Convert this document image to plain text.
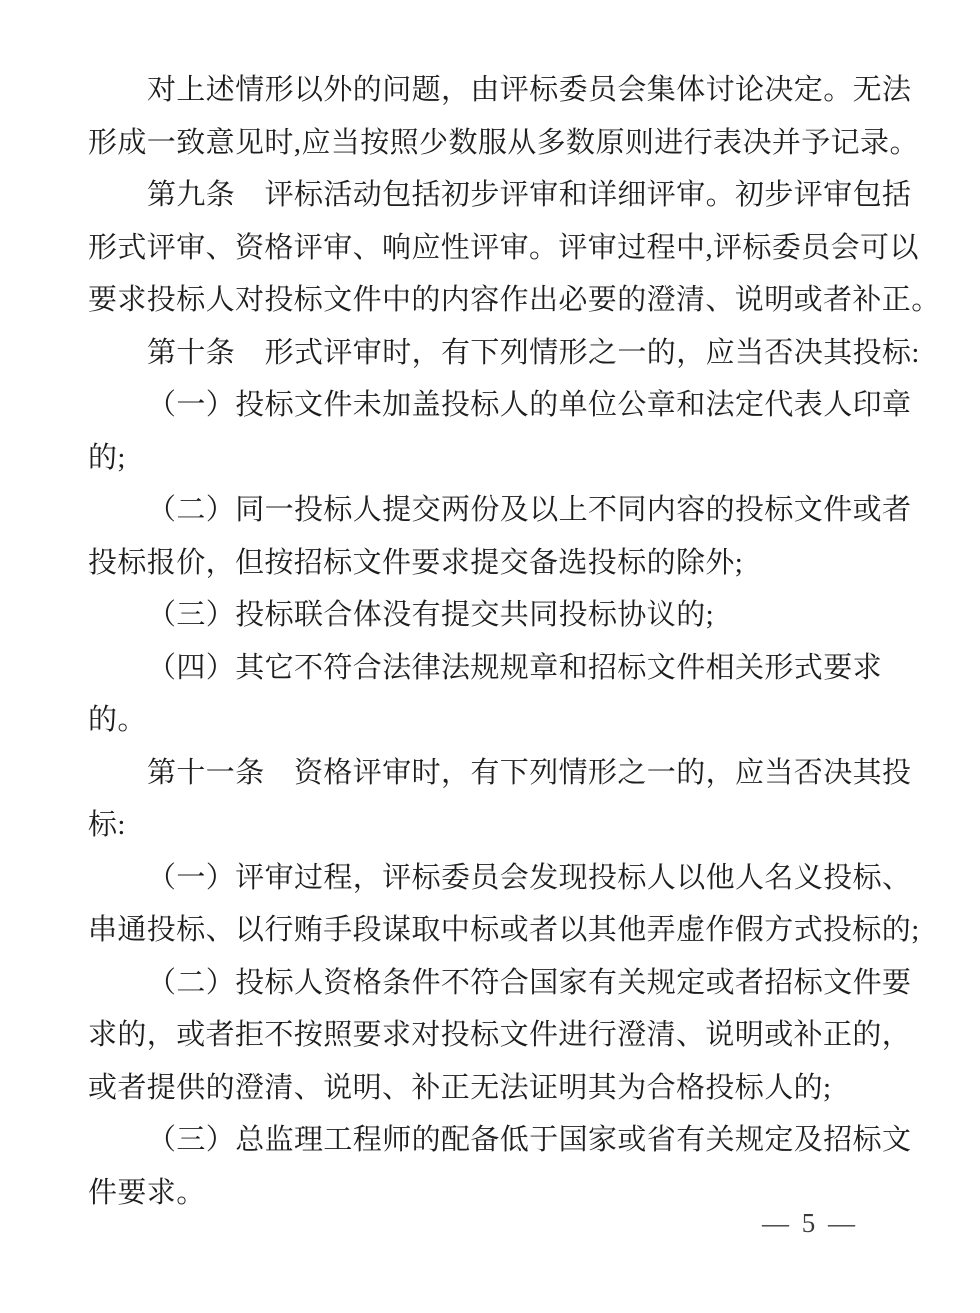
对上述情形以外的问题，由评标委员会集体讨论决定。无法
形成一致意见时,应当按照少数服从多数原则进行表决并予记录。
第九条　评标活动包括初步评审和详细评审。初步评审包括
形式评审、资格评审、响应性评审。评审过程中,评标委员会可以
要求投标人对投标文件中的内容作出必要的澄清、说明或者补正。
第十条　形式评审时，有下列情形之一的，应当否决其投标:
（一）投标文件未加盖投标人的单位公章和法定代表人印章
的;
（二）同一投标人提交两份及以上不同内容的投标文件或者
投标报价，但按招标文件要求提交备选投标的除外;
（三）投标联合体没有提交共同投标协议的;
（四）其它不符合法律法规规章和招标文件相关形式要求
的。
第十一条　资格评审时，有下列情形之一的，应当否决其投
标:
（一）评审过程，评标委员会发现投标人以他人名义投标、
串通投标、以行贿手段谋取中标或者以其他弄虚作假方式投标的;
（二）投标人资格条件不符合国家有关规定或者招标文件要
求的，或者拒不按照要求对投标文件进行澄清、说明或补正的，
或者提供的澄清、说明、补正无法证明其为合格投标人的;
（三）总监理工程师的配备低于国家或省有关规定及招标文
件要求。
— 5 —
